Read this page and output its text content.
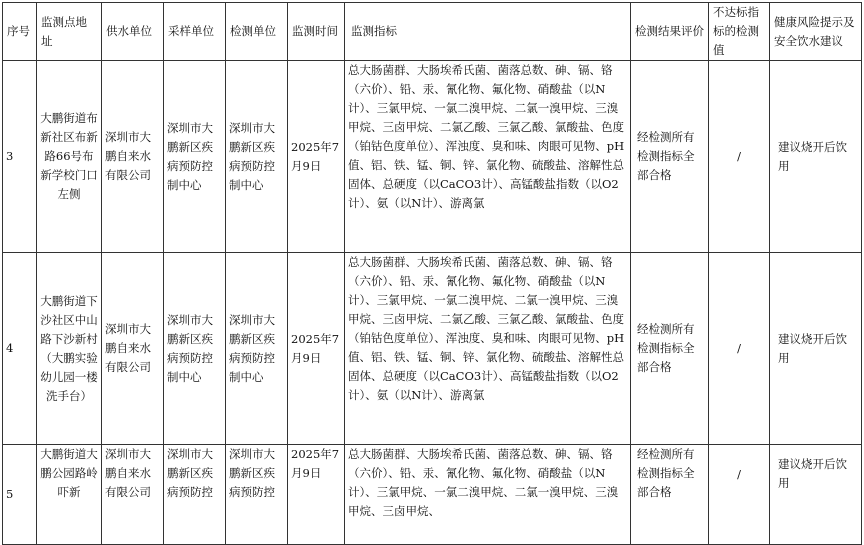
序号	监测点地址	供水单位	采样单位	检测单位	监测时间	监测指标	检测结果评价	不达标指标的检测值	健康风险提示及安全饮水建议
3	大鹏街道布新社区布新路66号布新学校门口左侧	深圳市大鹏自来水有限公司	深圳市大鹏新区疾病预防控制中心	深圳市大鹏新区疾病预防控制中心	2025年7月9日	总大肠菌群、大肠埃希氏菌、菌落总数、砷、镉、铬（六价）、铅、汞、氰化物、氟化物、硝酸盐（以N计）、三氯甲烷、一氯二溴甲烷、二氯一溴甲烷、三溴甲烷、三卤甲烷、二氯乙酸、三氯乙酸、氯酸盐、色度（铂钴色度单位）、浑浊度、臭和味、肉眼可见物、pH值、铝、铁、锰、铜、锌、氯化物、硫酸盐、溶解性总固体、总硬度（以CaCO3计）、高锰酸盐指数（以O2计）、氨（以N计）、游离氯	经检测所有检测指标全部合格	/	建议烧开后饮用
4	大鹏街道下沙社区中山路下沙新村（大鹏实验幼儿园一楼洗手台）	深圳市大鹏自来水有限公司	深圳市大鹏新区疾病预防控制中心	深圳市大鹏新区疾病预防控制中心	2025年7月9日	总大肠菌群、大肠埃希氏菌、菌落总数、砷、镉、铬（六价）、铅、汞、氰化物、氟化物、硝酸盐（以N计）、三氯甲烷、一氯二溴甲烷、二氯一溴甲烷、三溴甲烷、三卤甲烷、二氯乙酸、三氯乙酸、氯酸盐、色度（铂钴色度单位）、浑浊度、臭和味、肉眼可见物、pH值、铝、铁、锰、铜、锌、氯化物、硫酸盐、溶解性总固体、总硬度（以CaCO3计）、高锰酸盐指数（以O2计）、氨（以N计）、游离氯	经检测所有检测指标全部合格	/	建议烧开后饮用
5	大鹏街道大鹏公园路岭吓新	深圳市大鹏自来水有限公司	深圳市大鹏新区疾病预防控	深圳市大鹏新区疾病预防控	2025年7月9日	总大肠菌群、大肠埃希氏菌、菌落总数、砷、镉、铬（六价）、铅、汞、氰化物、氟化物、硝酸盐（以N计）、三氯甲烷、一氯二溴甲烷、二氯一溴甲烷、三溴甲烷、三卤甲烷、	经检测所有检测指标全部合格	/	建议烧开后饮用
